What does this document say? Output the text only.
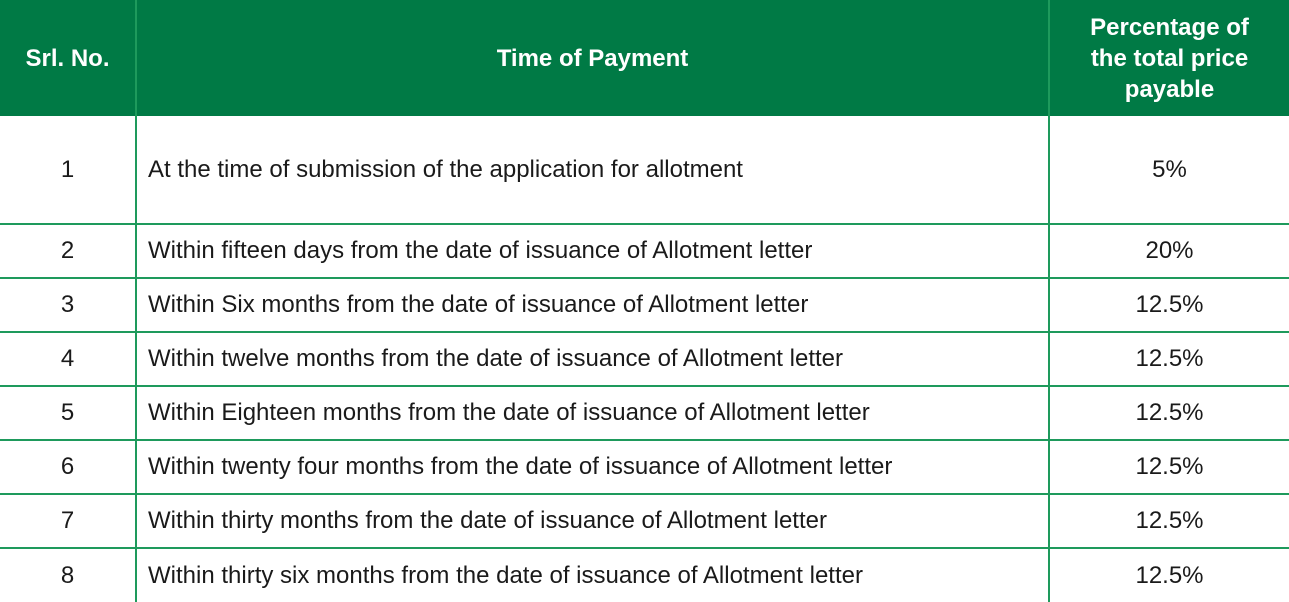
Srl. No.	Time of Payment	Percentage of
the total price
payable
1	At the time of submission of the application for allotment	5%
2	Within fifteen days from the date of issuance of Allotment letter	20%
3	Within Six months from the date of issuance of Allotment letter	12.5%
4	Within twelve months from the date of issuance of Allotment letter	12.5%
5	Within Eighteen months from the date of issuance of Allotment letter	12.5%
6	Within twenty four months from the date of issuance of Allotment letter	12.5%
7	Within thirty months from the date of issuance of Allotment letter	12.5%
8	Within thirty six months from the date of issuance of Allotment letter	12.5%
